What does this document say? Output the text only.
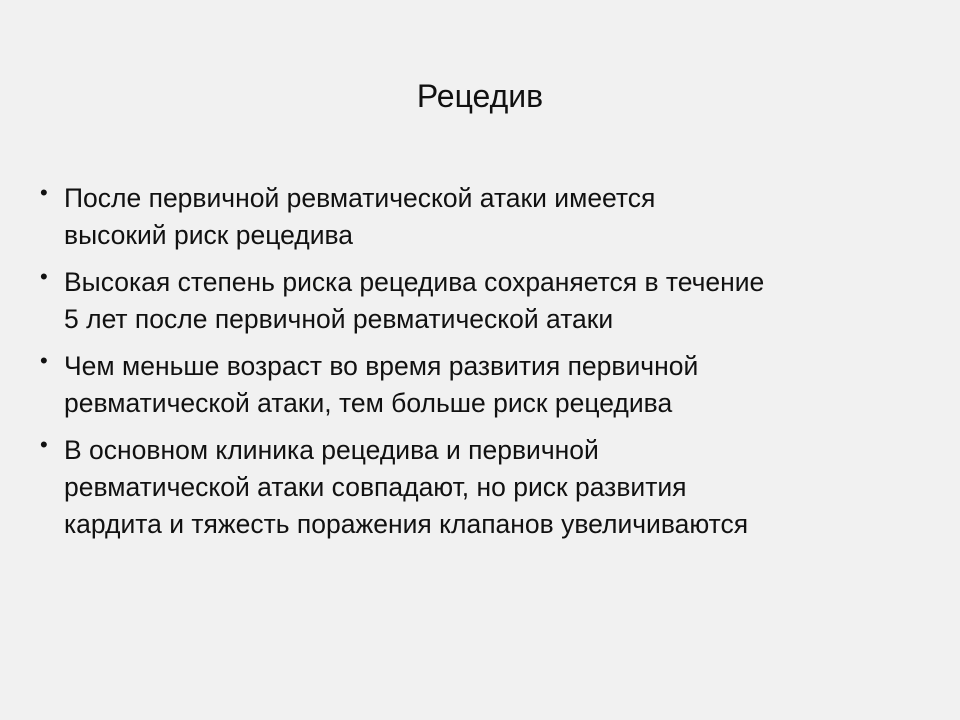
Рецедив
• После первичной ревматической атаки имеется
высокий риск рецедива
• Высокая степень риска рецедива сохраняется в течение
5 лет после первичной ревматической атаки
• Чем меньше возраст во время развития первичной
ревматической атаки, тем больше риск рецедива
• В основном клиника рецедива и первичной
ревматической атаки совпадают, но риск развития
кардита и тяжесть поражения клапанов увеличиваются
